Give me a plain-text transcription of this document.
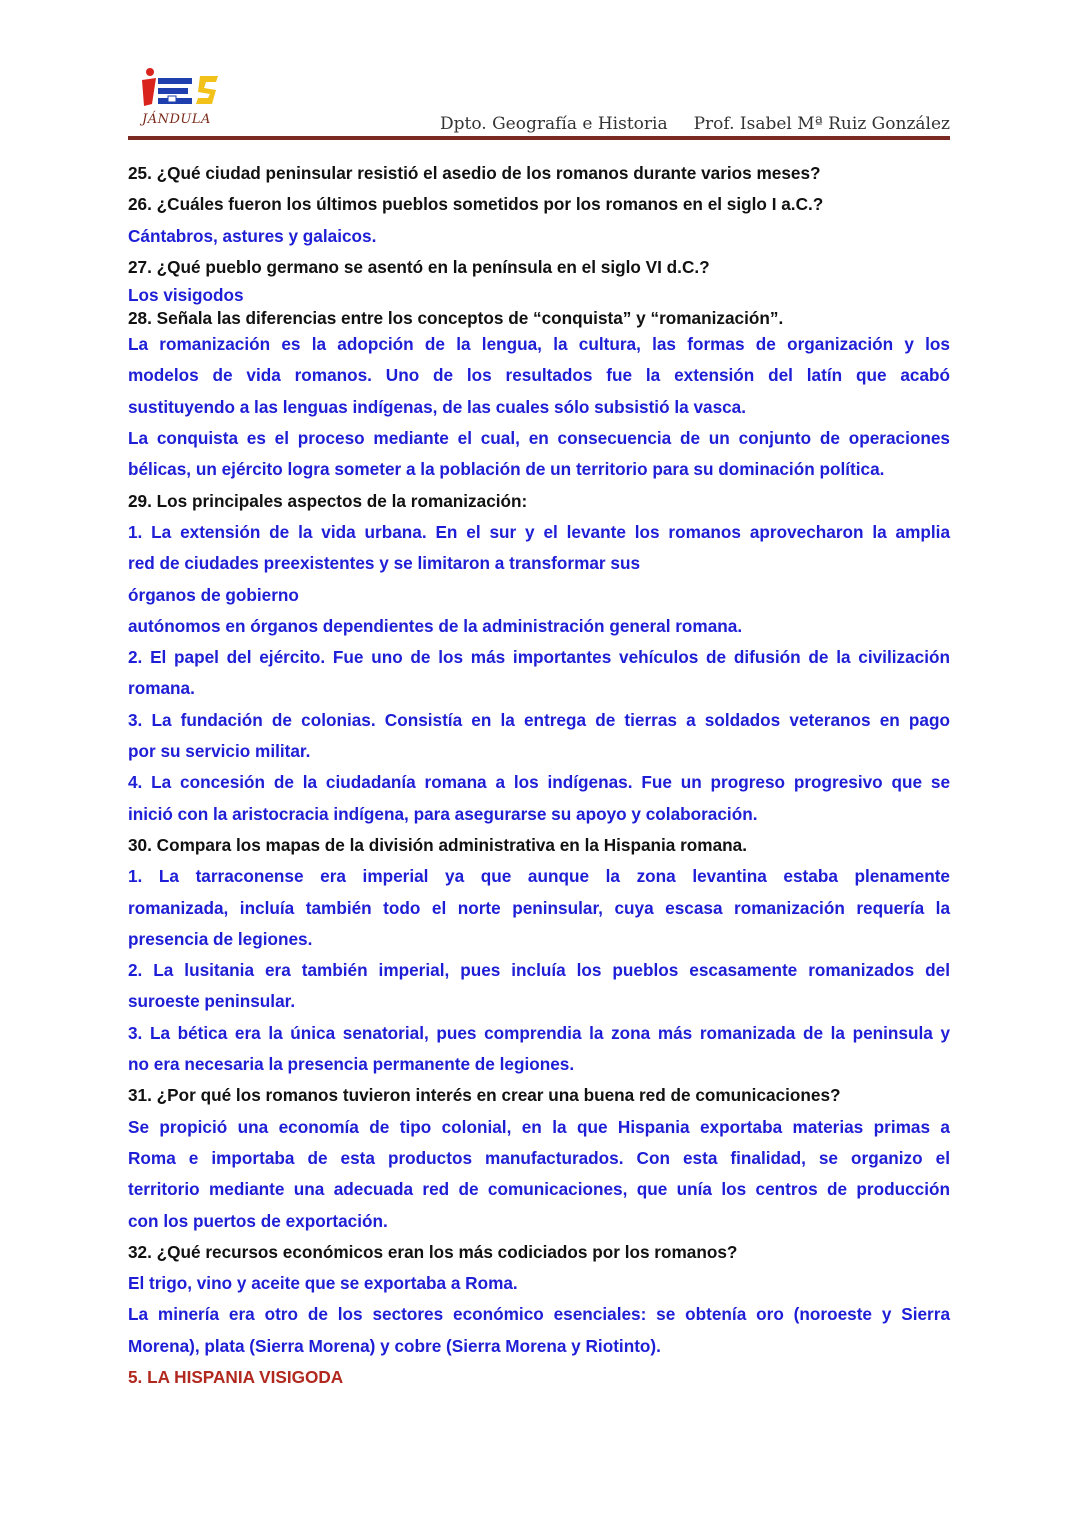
JÁNDULA	Dpto. Geografía e Historia Prof. Isabel Mª Ruiz González

25. ¿Qué ciudad peninsular resistió el asedio de los romanos durante varios meses?

26. ¿Cuáles fueron los últimos pueblos sometidos por los romanos en el siglo I a.C.?

Cántabros, astures y galaicos.

27. ¿Qué pueblo germano se asentó en la península en el siglo VI d.C.?

Los visigodos

28. Señala las diferencias entre los conceptos de “conquista” y “romanización”.

La romanización es la adopción de la lengua, la cultura, las formas de organización y los

modelos de vida romanos. Uno de los resultados fue la extensión del latín que acabó

sustituyendo a las lenguas indígenas, de las cuales sólo subsistió la vasca.

La conquista es el proceso mediante el cual, en consecuencia de un conjunto de operaciones

bélicas, un ejército logra someter a la población de un territorio para su dominación política.

29. Los principales aspectos de la romanización:

1. La extensión de la vida urbana. En el sur y el levante los romanos aprovecharon la amplia

red de ciudades preexistentes y se limitaron a transformar sus

órganos de gobierno

autónomos en órganos dependientes de la administración general romana.

2. El papel del ejército. Fue uno de los más importantes vehículos de difusión de la civilización

romana.

3. La fundación de colonias. Consistía en la entrega de tierras a soldados veteranos en pago

por su servicio militar.

4. La concesión de la ciudadanía romana a los indígenas. Fue un progreso progresivo que se

inició con la aristocracia indígena, para asegurarse su apoyo y colaboración.

30. Compara los mapas de la división administrativa en la Hispania romana.

1. La tarraconense era imperial ya que aunque la zona levantina estaba plenamente

romanizada, incluía también todo el norte peninsular, cuya escasa romanización requería la

presencia de legiones.

2. La lusitania era también imperial, pues incluía los pueblos escasamente romanizados del

suroeste peninsular.

3. La bética era la única senatorial, pues comprendia la zona más romanizada de la peninsula y

no era necesaria la presencia permanente de legiones.

31. ¿Por qué los romanos tuvieron interés en crear una buena red de comunicaciones?

Se propició una economía de tipo colonial, en la que Hispania exportaba materias primas a

Roma e importaba de esta productos manufacturados. Con esta finalidad, se organizo el

territorio mediante una adecuada red de comunicaciones, que unía los centros de producción

con los puertos de exportación.

32. ¿Qué recursos económicos eran los más codiciados por los romanos?

El trigo, vino y aceite que se exportaba a Roma.

La minería era otro de los sectores económico esenciales: se obtenía oro (noroeste y Sierra

Morena), plata (Sierra Morena) y cobre (Sierra Morena y Riotinto).

5. LA HISPANIA VISIGODA
